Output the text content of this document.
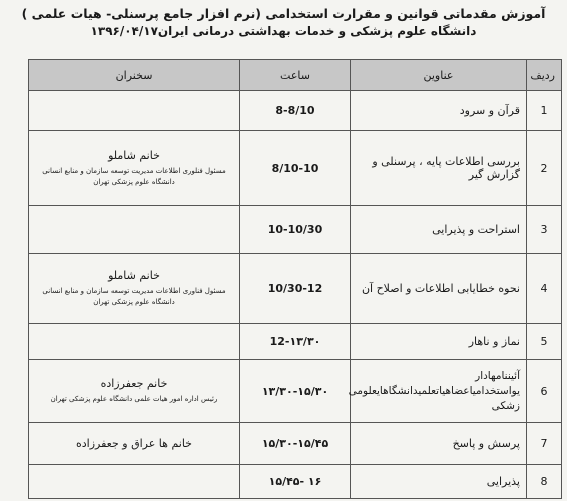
آموزش مقدماتی قوانین و مقرارت استخدامی (نرم افزار جامع پرسنلی- هیات علمی )
دانشگاه علوم پزشکی و خدمات بهداشتی درمانی ایران۱۳۹۶/۰۴/۱۷
ردیف	عناوین	ساعت	سخنران
1	قرآن و سرود	8-8/10	
2	بررسی اطلاعات پایه ، پرسنلی و گزارش گیر	8/10-10	خانم شاملو
مسئول فنلوری اطلاعات مدیریت توسعه سازمان و منابع انسانی دانشگاه علوم پزشکی تهران

3	استراحت و پذیرایی	10-10/30	
4	نحوه خطایابی اطلاعات و اصلاح آن	10/30-12	خانم شاملو
مسئول فناوری اطلاعات مدیریت توسعه سازمان و منابع انسانی دانشگاه علوم پزشکی تهران

5	نماز و ناهار	12-۱۳/۳۰	
6	آئیننامهادار یواستخدامیاعضاهیاتعلمیدانشگاهایعلومی زشکی	۱۳/۳۰-۱۵/۳۰	خانم جعفرزاده
رئیس اداره امور هیات علمی دانشگاه علوم پزشکی تهران

7	پرسش و پاسخ	۱۵/۳۰-۱۵/۴۵	خانم ها عراق و جعفرزاده

8	پذیرایی	۱۶ -۱۵/۴۵	
